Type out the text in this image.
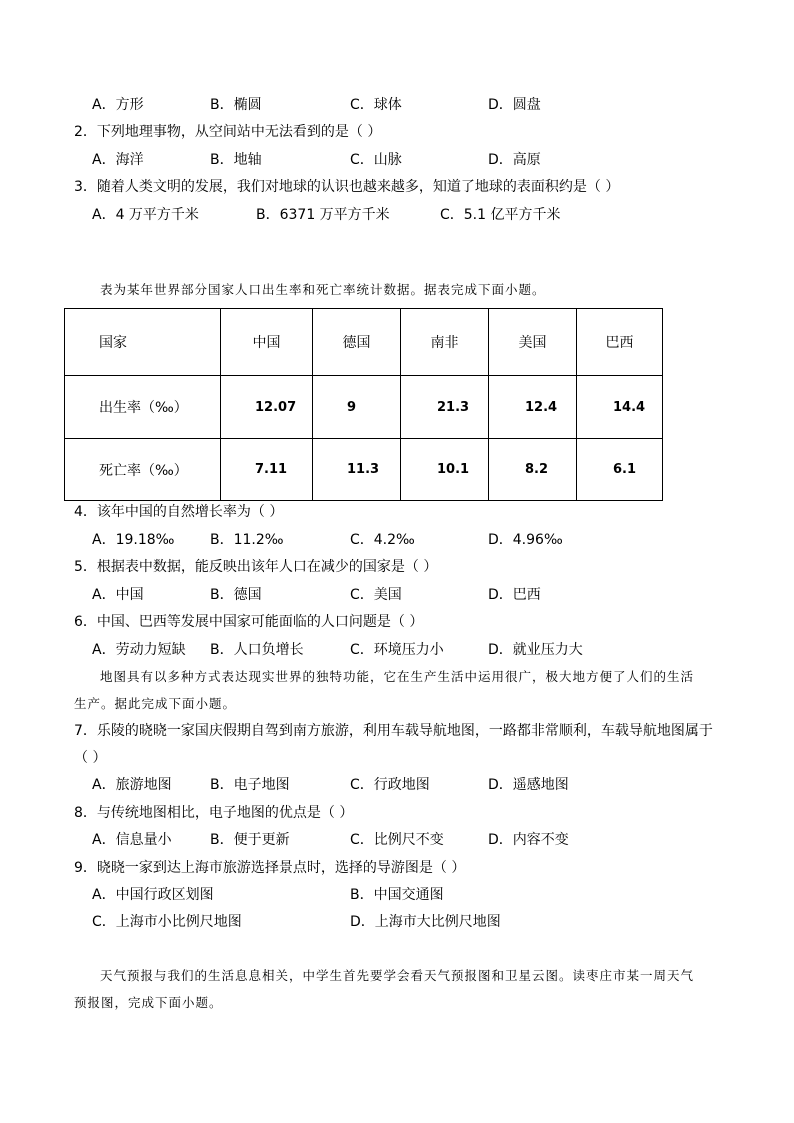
A．方形	B．椭圆	C．球体	D．圆盘
2．下列地理事物，从空间站中无法看到的是（ ）
A．海洋	B．地轴	C．山脉	D．高原
3．随着人类文明的发展，我们对地球的认识也越来越多，知道了地球的表面积约是（ ）
A．4 万平方千米	B．6371 万平方千米	C．5.1 亿平方千米
表为某年世界部分国家人口出生率和死亡率统计数据。据表完成下面小题。
国家	中国	德国	南非	美国	巴西
出生率（‰）	12.07	9	21.3	12.4	14.4
死亡率（‰）	7.11	11.3	10.1	8.2	6.1
4．该年中国的自然增长率为（ ）
A．19.18‰	B．11.2‰	C．4.2‰	D．4.96‰
5．根据表中数据，能反映出该年人口在减少的国家是（ ）
A．中国	B．德国	C．美国	D．巴西
6．中国、巴西等发展中国家可能面临的人口问题是（ ）
A．劳动力短缺 B．人口负增长	C．环境压力小	D．就业压力大
地图具有以多种方式表达现实世界的独特功能，它在生产生活中运用很广，极大地方便了人们的生活
生产。据此完成下面小题。
7．乐陵的晓晓一家国庆假期自驾到南方旅游，利用车载导航地图，一路都非常顺利，车载导航地图属于
（ ）
A．旅游地图	B．电子地图	C．行政地图	D．遥感地图
8．与传统地图相比，电子地图的优点是（ ）
A．信息量小	B．便于更新	C．比例尺不变	D．内容不变
9．晓晓一家到达上海市旅游选择景点时，选择的导游图是（ ）
A．中国行政区划图	B．中国交通图
C．上海市小比例尺地图	D．上海市大比例尺地图
天气预报与我们的生活息息相关，中学生首先要学会看天气预报图和卫星云图。读枣庄市某一周天气
预报图，完成下面小题。
